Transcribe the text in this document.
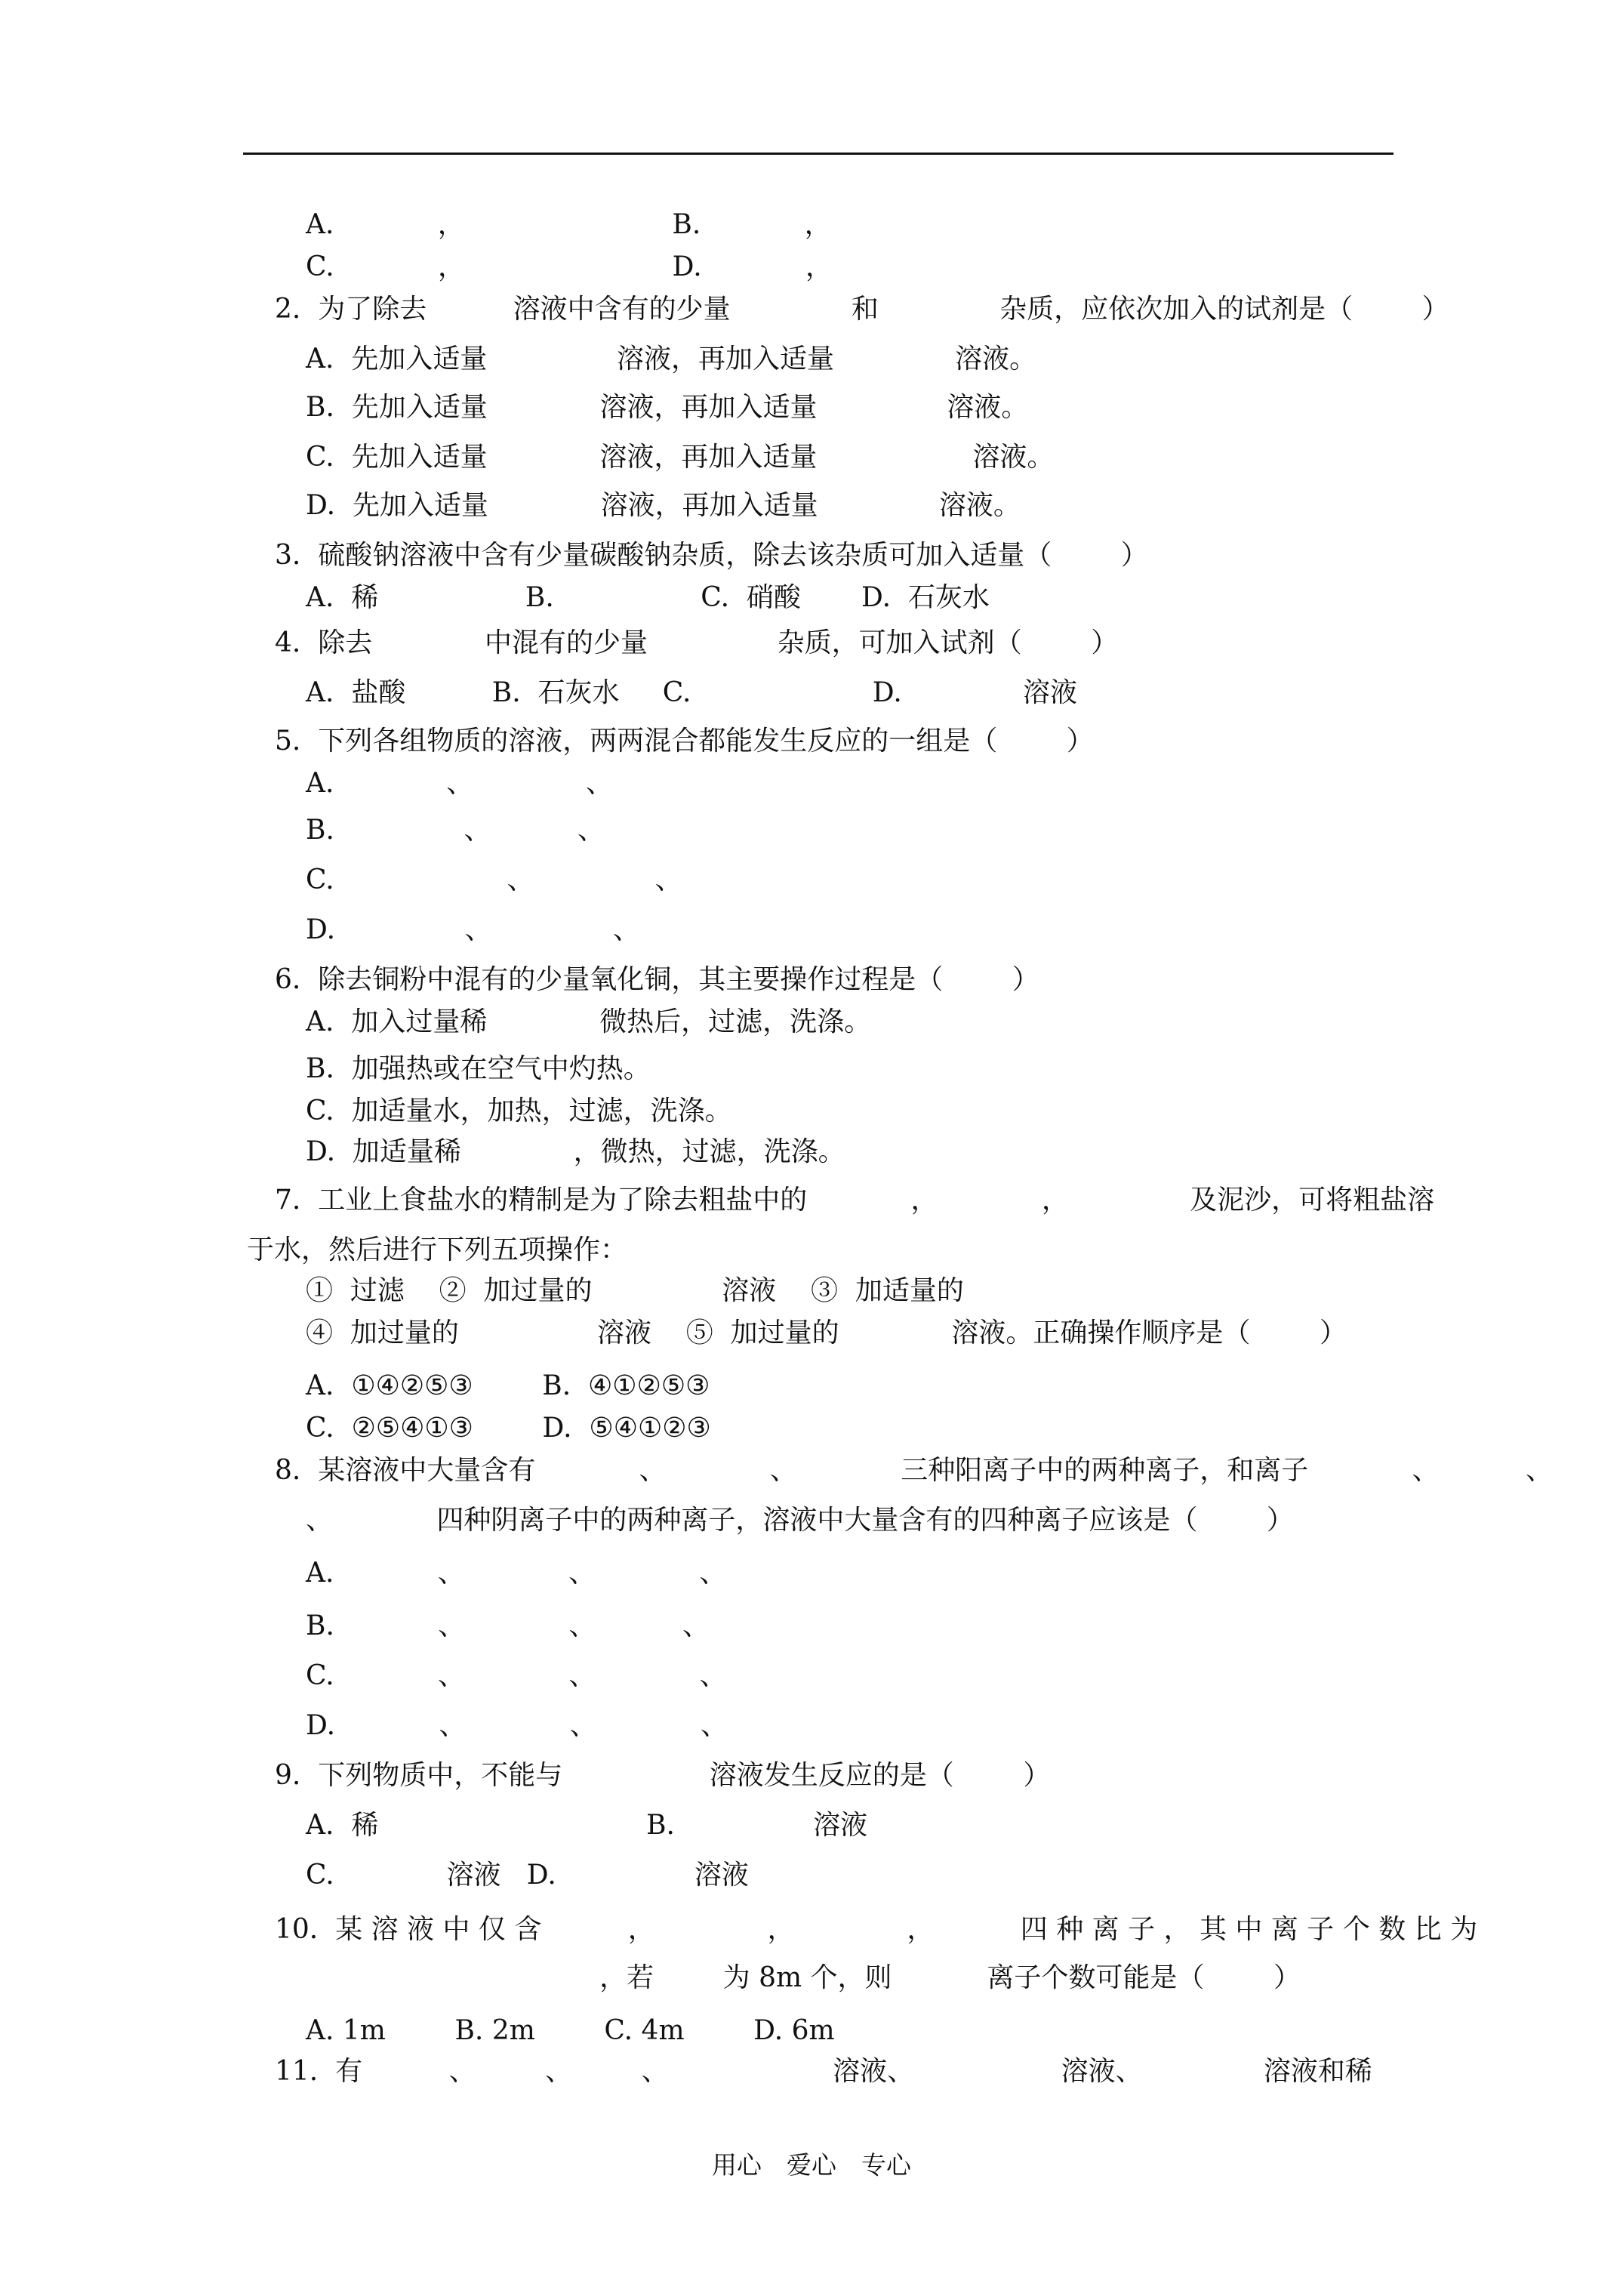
A.            ，                        B.            ，
C.            ，                        D.            ，
2.  为了除去          溶液中含有的少量              和              杂质，应依次加入的试剂是（        ）
A.  先加入适量               溶液，再加入适量              溶液。
B.  先加入适量             溶液，再加入适量               溶液。
C.  先加入适量             溶液，再加入适量                  溶液。
D.  先加入适量             溶液，再加入适量              溶液。
3.  硫酸钠溶液中含有少量碳酸钠杂质，除去该杂质可加入适量（        ）
A.  稀                 B.                 C.  硝酸       D.  石灰水
4.  除去             中混有的少量               杂质，可加入试剂（        ）
A.  盐酸          B.  石灰水     C.                     D.              溶液
5.  下列各组物质的溶液，两两混合都能发生反应的一组是（        ）
A.             、             、
B.               、          、
C.                    、              、
D.               、              、
6.  除去铜粉中混有的少量氧化铜，其主要操作过程是（        ）
A.  加入过量稀             微热后，过滤，洗涤。
B.  加强热或在空气中灼热。
C.  加适量水，加热，过滤，洗涤。
D.  加适量稀             ，微热，过滤，洗涤。
7.  工业上食盐水的精制是为了除去粗盐中的            ，            ，              及泥沙，可将粗盐溶
于水，然后进行下列五项操作：
①  过滤    ②  加过量的               溶液    ③  加适量的
④  加过量的                溶液    ⑤  加过量的             溶液。正确操作顺序是（        ）
A.  ①④②⑤③        B.  ④①②⑤③
C.  ②⑤④①③        D.  ⑤④①②③
8.  某溶液中大量含有            、            、            三种阳离子中的两种离子，和离子            、          、
、            四种阴离子中的两种离子，溶液中大量含有的四种离子应该是（        ）
A.            、            、            、
B.            、            、          、
C.            、            、            、
D.            、            、            、
9.  下列物质中，不能与                 溶液发生反应的是（        ）
A.  稀                               B.                溶液
C.             溶液   D.                溶液
10.  某 溶 液 中 仅 含          ，             ，             ，          四 种 离 子 ， 其 中 离 子 个 数 比 为
，若        为 8m 个，则           离子个数可能是（        ）
A. 1m        B. 2m        C. 4m        D. 6m
11.  有          、        、        、                   溶液、                 溶液、              溶液和稀
用心　爱心　专心
